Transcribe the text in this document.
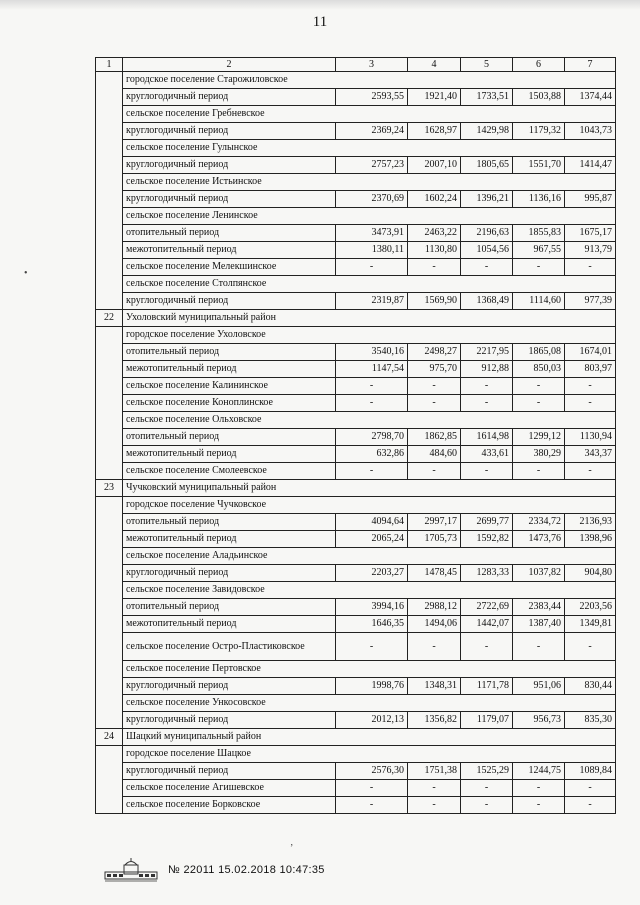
11
1	2	3	4	5	6	7
	городское поселение Старожиловское					
	круглогодичный период	2593,55	1921,40	1733,51	1503,88	1374,44
	сельское поселение Гребневское					
	круглогодичный период	2369,24	1628,97	1429,98	1179,32	1043,73
	сельское поселение Гулынское					
	круглогодичный период	2757,23	2007,10	1805,65	1551,70	1414,47
	сельское поселение Истьинское					
	круглогодичный период	2370,69	1602,24	1396,21	1136,16	995,87
	сельское поселение Ленинское					
	отопительный период	3473,91	2463,22	2196,63	1855,83	1675,17
	межотопительный период	1380,11	1130,80	1054,56	967,55	913,79
	сельское поселение Мелекшинское	-	-	-	-	-
	сельское поселение Столпянское					
	круглогодичный период	2319,87	1569,90	1368,49	1114,60	977,39
22	Ухоловский муниципальный район					
	городское поселение Ухоловское					
	отопительный период	3540,16	2498,27	2217,95	1865,08	1674,01
	межотопительный период	1147,54	975,70	912,88	850,03	803,97
	сельское поселение Калининское	-	-	-	-	-
	сельское поселение Коноплинское	-	-	-	-	-
	сельское поселение Ольховское					
	отопительный период	2798,70	1862,85	1614,98	1299,12	1130,94
	межотопительный период	632,86	484,60	433,61	380,29	343,37
	сельское поселение Смолеевское	-	-	-	-	-
23	Чучковский муниципальный район					
	городское поселение Чучковское					
	отопительный период	4094,64	2997,17	2699,77	2334,72	2136,93
	межотопительный период	2065,24	1705,73	1592,82	1473,76	1398,96
	сельское поселение Аладьинское					
	круглогодичный период	2203,27	1478,45	1283,33	1037,82	904,80
	сельское поселение Завидовское					
	отопительный период	3994,16	2988,12	2722,69	2383,44	2203,56
	межотопительный период	1646,35	1494,06	1442,07	1387,40	1349,81
	сельское поселение Остро-Пластиковское	-	-	-	-	-
	сельское поселение Пертовское					
	круглогодичный период	1998,76	1348,31	1171,78	951,06	830,44
	сельское поселение Ункосовское					
	круглогодичный период	2012,13	1356,82	1179,07	956,73	835,30
24	Шацкий муниципальный район					
	городское поселение Шацкое					
	круглогодичный период	2576,30	1751,38	1525,29	1244,75	1089,84
	сельское поселение Агишевское	-	-	-	-	-
	сельское поселение Борковское	-	-	-	-	-
№ 22011 15.02.2018 10:47:35
•
ʼ
